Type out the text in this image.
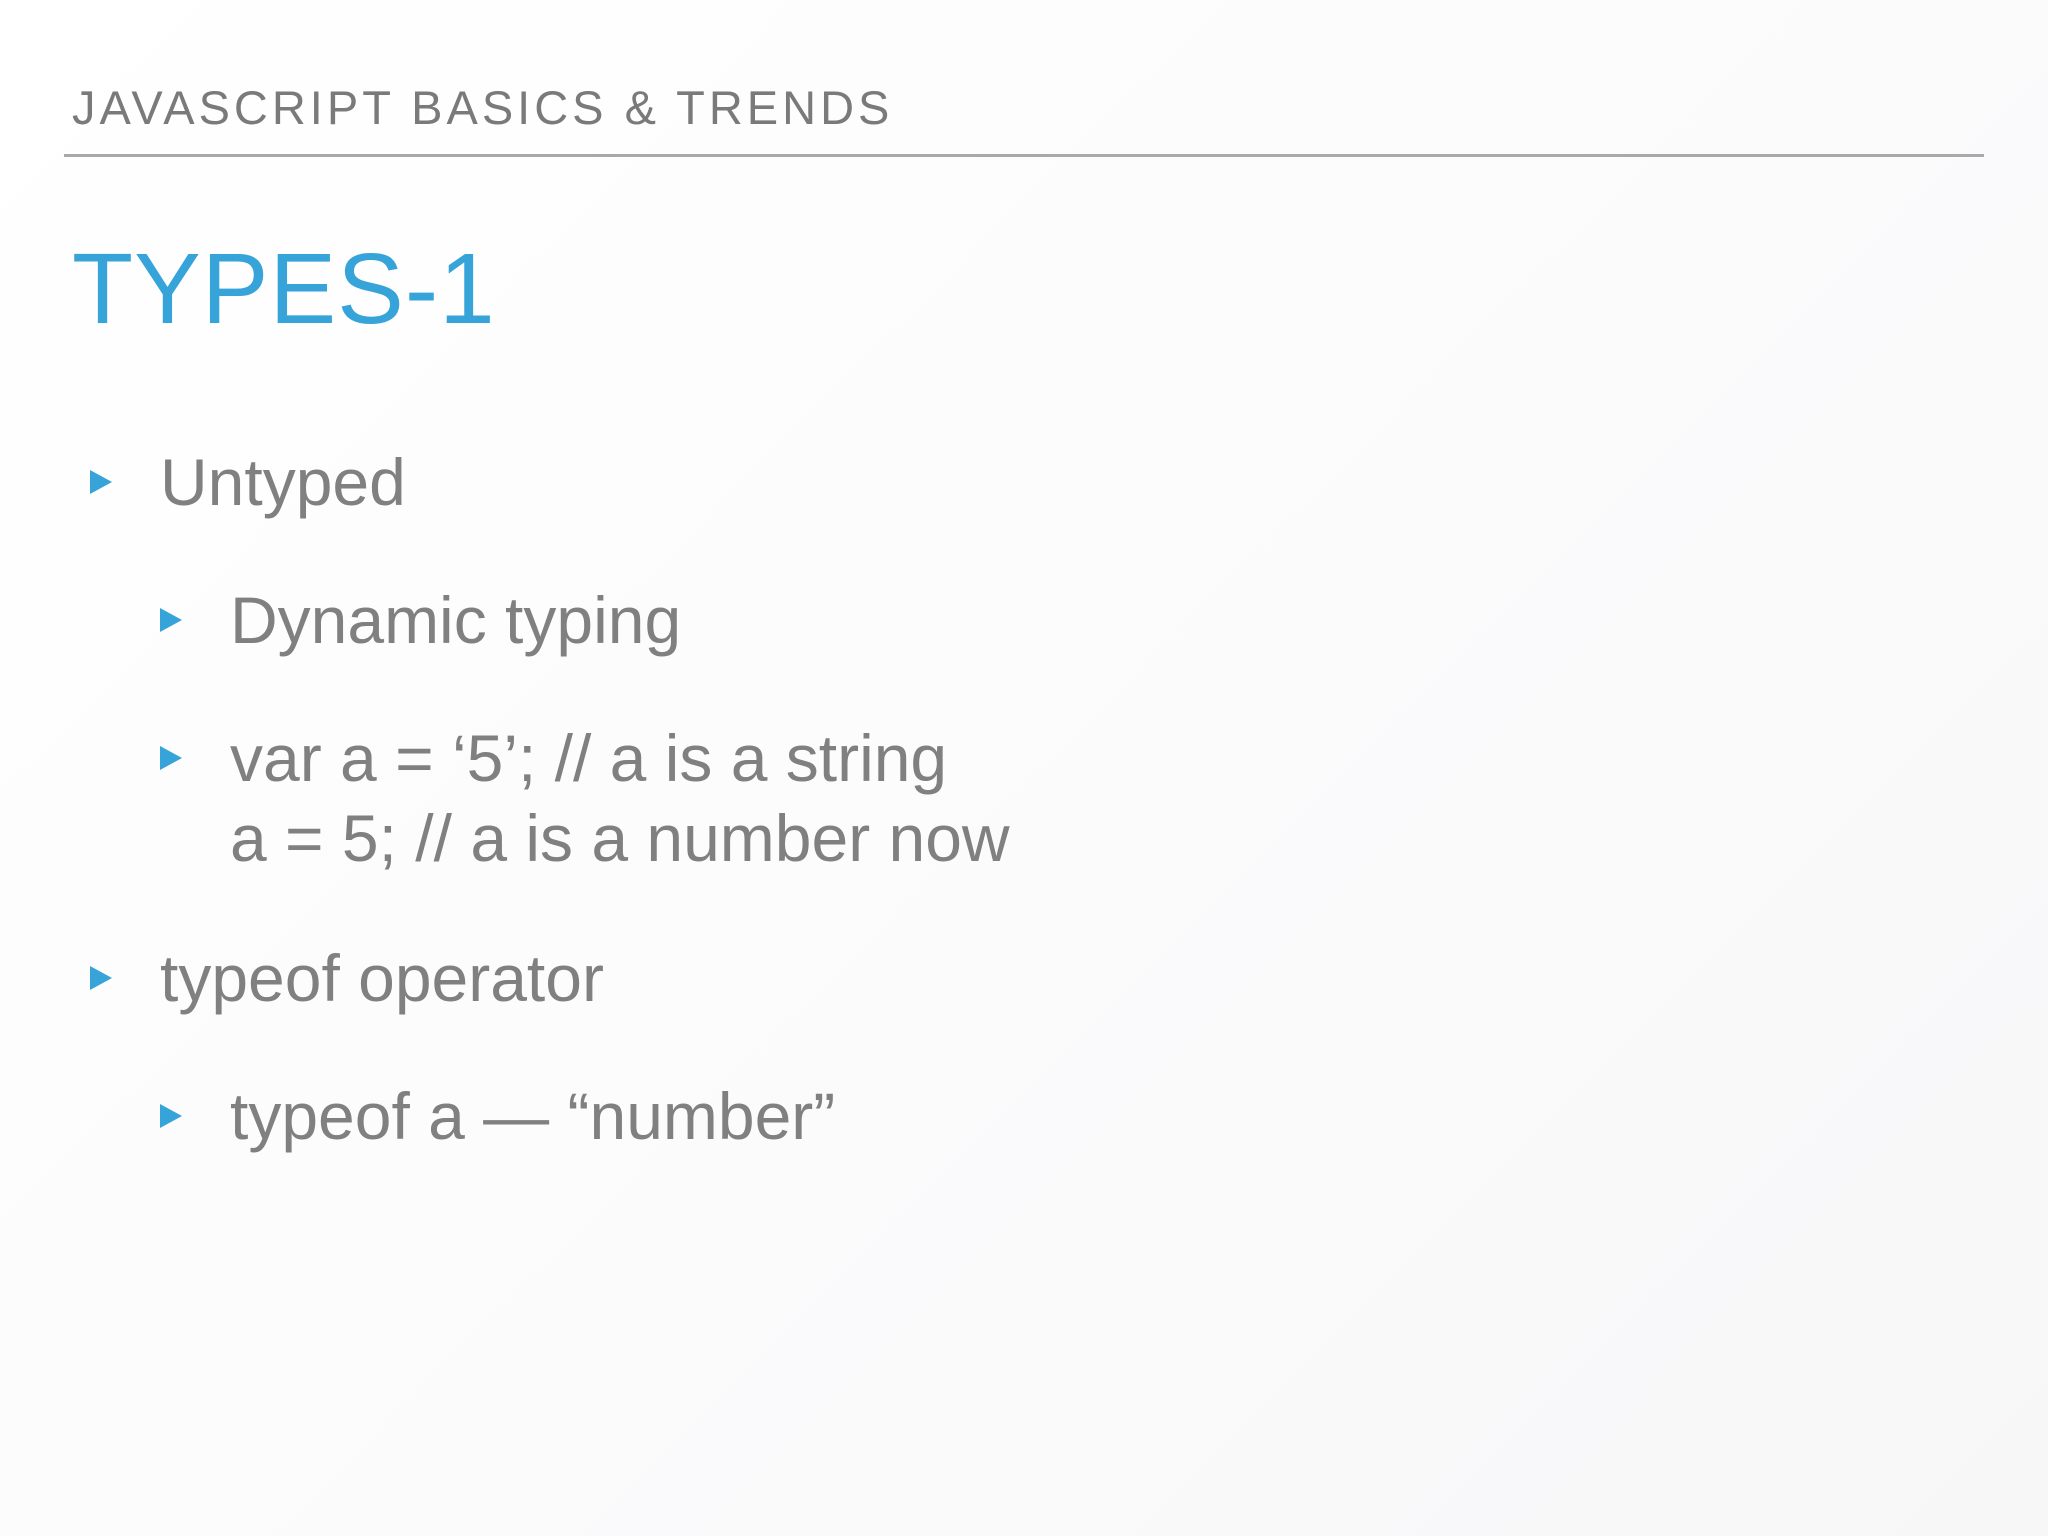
JAVASCRIPT BASICS & TRENDS
TYPES-1
Untyped
Dynamic typing
var a = ‘5’; // a is a string
a = 5; // a is a number now
typeof operator
typeof a — “number”
